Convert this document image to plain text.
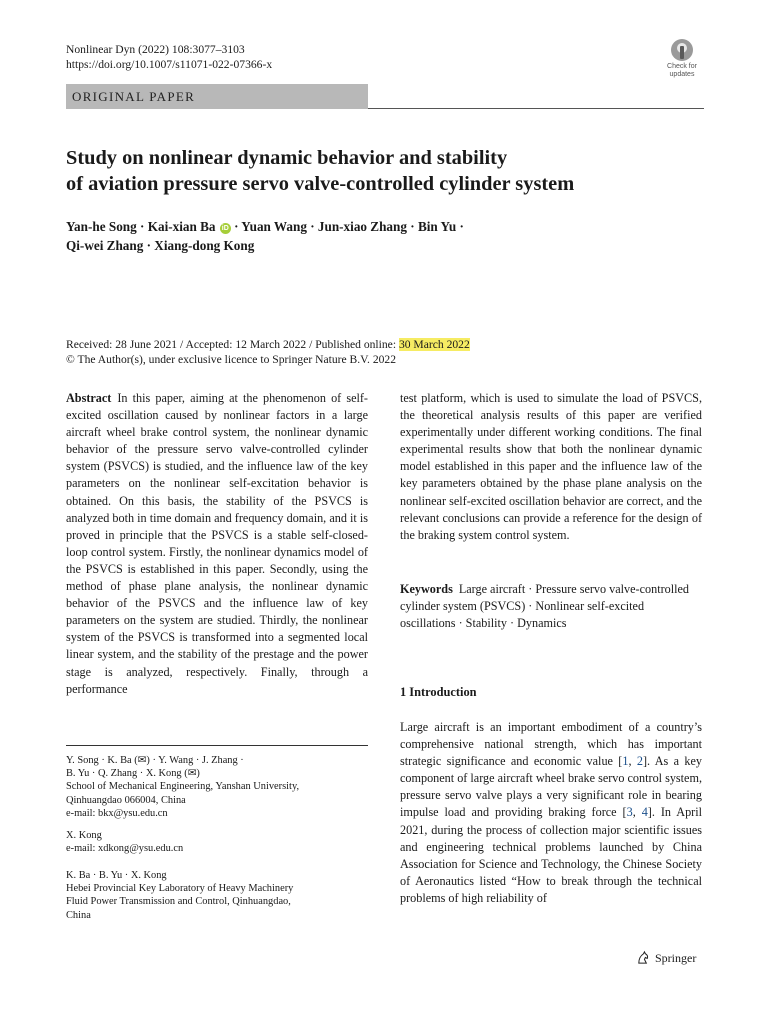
Nonlinear Dyn (2022) 108:3077–3103
https://doi.org/10.1007/s11071-022-07366-x	Check for
updates
ORIGINAL PAPER
Study on nonlinear dynamic behavior and stability
of aviation pressure servo valve-controlled cylinder system
Yan-he Song · Kai-xian Ba iD · Yuan Wang · Jun-xiao Zhang · Bin Yu ·
Qi-wei Zhang · Xiang-dong Kong
Received: 28 June 2021 / Accepted: 12 March 2022 / Published online: 30 March 2022
© The Author(s), under exclusive licence to Springer Nature B.V. 2022

Abstract In this paper, aiming at the phenomenon of self-excited oscillation caused by nonlinear factors in a large aircraft wheel brake control system, the nonlinear dynamic behavior of the pressure servo valve-controlled cylinder system (PSVCS) is studied, and the influence law of the key parameters on the nonlinear self-excitation behavior is obtained. On this basis, the stability of the PSVCS is analyzed both in time domain and frequency domain, and it is proved in principle that the PSVCS is a stable self-closed-loop control system. Firstly, the nonlinear dynamics model of the PSVCS is established in this paper. Secondly, using the method of phase plane analysis, the nonlinear dynamic behavior of the PSVCS and the influence law of key parameters on the system are studied. Thirdly, the nonlinear system of the PSVCS is transformed into a segmented local linear system, and the stability of the prestage and the power stage is analyzed, respectively. Finally, through a performance

test platform, which is used to simulate the load of PSVCS, the theoretical analysis results of this paper are verified experimentally under different working conditions. The final experimental results show that both the nonlinear dynamic model established in this paper and the influence law of the key parameters obtained by the phase plane analysis on the nonlinear self-excited oscillation behavior are correct, and the relevant conclusions can provide a reference for the design of the braking system control system.

Keywords Large aircraft · Pressure servo valve-controlled cylinder system (PSVCS) · Nonlinear self-excited oscillations · Stability · Dynamics
1 Introduction
Large aircraft is an important embodiment of a country’s comprehensive national strength, which has important strategic significance and economic value [1, 2]. As a key component of large aircraft wheel brake servo control system, pressure servo valve plays a very significant role in bearing impulse load and providing braking force [3, 4]. In April 2021, during the process of collection major scientific issues and engineering technical problems launched by China Association for Science and Technology, the Chinese Society of Aeronautics listed “How to break through the technical problems of high reliability of
Y. Song · K. Ba (✉) · Y. Wang · J. Zhang ·
B. Yu · Q. Zhang · X. Kong (✉)
School of Mechanical Engineering, Yanshan University,
Qinhuangdao 066004, China
e-mail: bkx@ysu.edu.cn
X. Kong
e-mail: xdkong@ysu.edu.cn
K. Ba · B. Yu · X. Kong
Hebei Provincial Key Laboratory of Heavy Machinery
Fluid Power Transmission and Control, Qinhuangdao,
China
Springer
